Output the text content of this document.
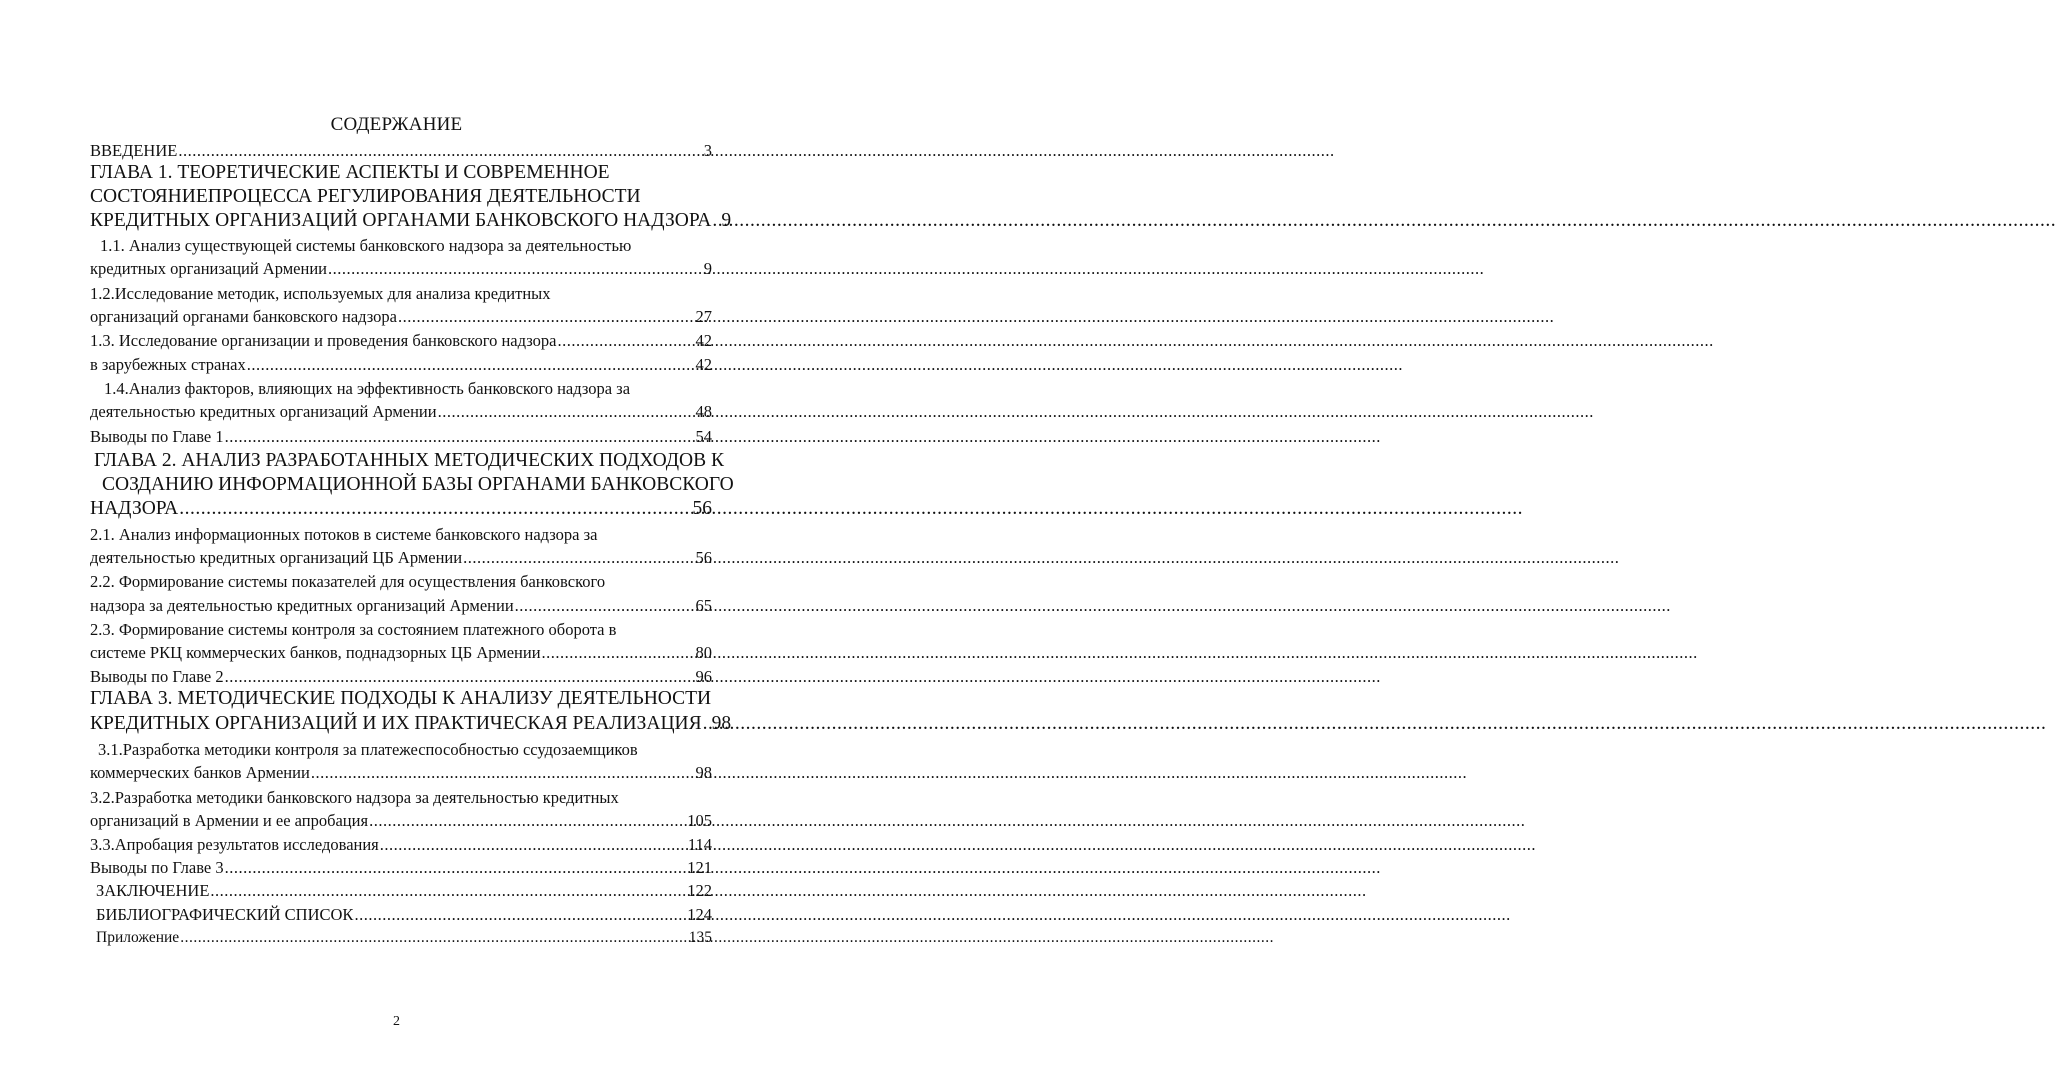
СОДЕРЖАНИЕ
ВВЕДЕНИЕ .....	3
ГЛАВА 1. ТЕОРЕТИЧЕСКИЕ АСПЕКТЫ И СОВРЕМЕННОЕ
СОСТОЯНИЕПРОЦЕССА РЕГУЛИРОВАНИЯ ДЕЯТЕЛЬНОСТИ
КРЕДИТНЫХ ОРГАНИЗАЦИЙ ОРГАНАМИ БАНКОВСКОГО НАДЗОРА ..... 9
1.1. Анализ существующей системы банковского надзора за деятельностью
кредитных организаций Армении .....	9
1.2.Исследование методик, используемых для анализа кредитных
организаций органами банковского надзора .....	27
1.3. Исследование организации и проведения банковского надзора .....	42
в зарубежных странах .....	42
1.4.Анализ факторов, влияющих на эффективность банковского надзора за
деятельностью кредитных организаций Армении .....	48
Выводы по Главе 1 .....	54
ГЛАВА 2. АНАЛИЗ РАЗРАБОТАННЫХ МЕТОДИЧЕСКИХ ПОДХОДОВ К
СОЗДАНИЮ ИНФОРМАЦИОННОЙ БАЗЫ ОРГАНАМИ БАНКОВСКОГО
НАДЗОРА .....	56
2.1. Анализ информационных потоков в системе банковского надзора за
деятельностью кредитных организаций ЦБ Армении .....	56
2.2. Формирование системы показателей для осуществления банковского
надзора за деятельностью кредитных организаций Армении .....	65
2.3. Формирование системы контроля за состоянием платежного оборота в
системе РКЦ коммерческих банков, поднадзорных ЦБ Армении .....	80
Выводы по Главе 2 .....	96
ГЛАВА 3. МЕТОДИЧЕСКИЕ ПОДХОДЫ К АНАЛИЗУ ДЕЯТЕЛЬНОСТИ
КРЕДИТНЫХ ОРГАНИЗАЦИЙ И ИХ ПРАКТИЧЕСКАЯ РЕАЛИЗАЦИЯ ..... 98
3.1.Разработка методики контроля за платежеспособностью ссудозаемщиков
коммерческих банков Армении .....	98
3.2.Разработка методики банковского надзора за деятельностью кредитных
организаций в Армении и ее апробация .....	105
3.3.Апробация результатов исследования .....	114
Выводы по Главе 3 .....	121
ЗАКЛЮЧЕНИЕ .....	122
БИБЛИОГРАФИЧЕСКИЙ СПИСОК .....	124
Приложение .....	135
2
